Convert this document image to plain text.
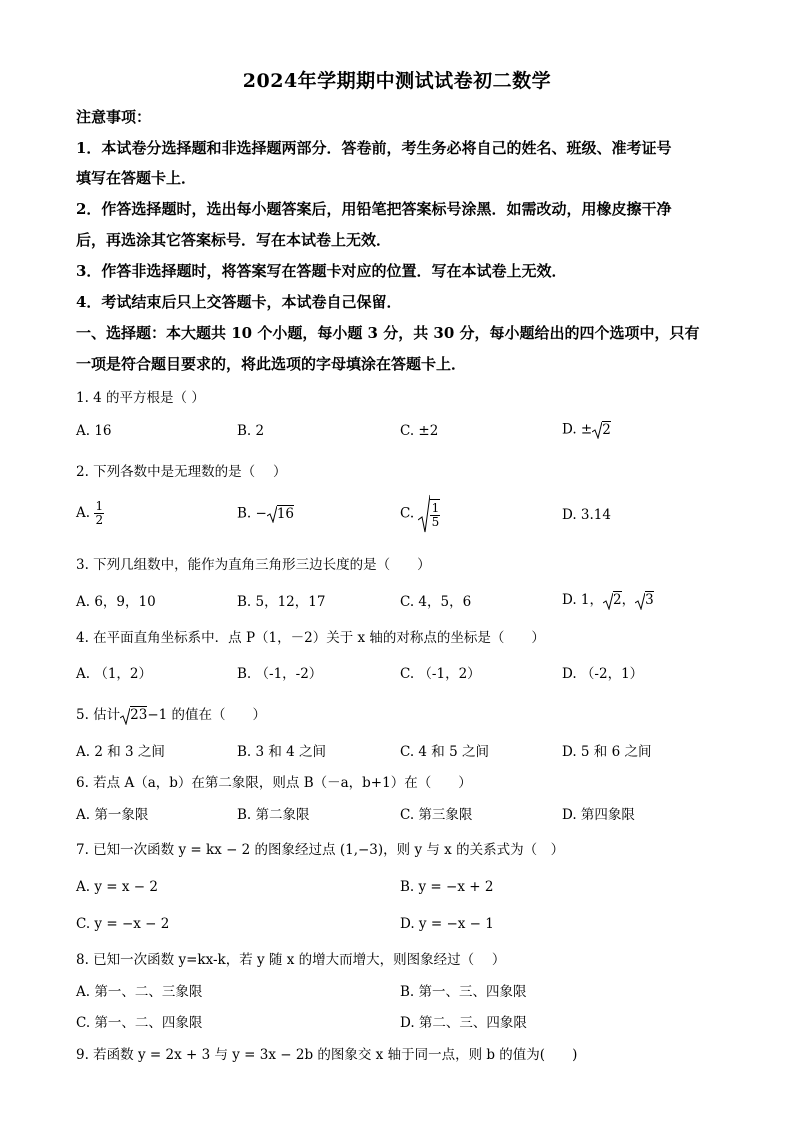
2024年学期期中测试试卷初二数学
注意事项：
1．本试卷分选择题和非选择题两部分．答卷前，考生务必将自己的姓名、班级、准考证号
填写在答题卡上．
2．作答选择题时，选出每小题答案后，用铅笔把答案标号涂黑．如需改动，用橡皮擦干净
后，再选涂其它答案标号．写在本试卷上无效．
3．作答非选择题时，将答案写在答题卡对应的位置．写在本试卷上无效．
4．考试结束后只上交答题卡，本试卷自己保留．
一、选择题：本大题共 10 个小题，每小题 3 分，共 30 分，每小题给出的四个选项中，只有
一项是符合题目要求的，将此选项的字母填涂在答题卡上．
1. 4 的平方根是（ ）
A. 16	B. 2	C. ±2	D. ± 2
2. 下列各数中是无理数的是（　 ）
A. $\frac{1}{2}$	B. − 16	C. $\frac{1}{5}$	D. 3.14
3. 下列几组数中，能作为直角三角形三边长度的是（　　）
A. 6，9，10	B. 5，12，17	C. 4，5，6	D. 1， 2， 3
4. 在平面直角坐标系中．点 P（1，－2）关于 x 轴的对称点的坐标是（　　）
A. （1，2）	B. （-1，-2）	C. （-1，2）	D. （-2，1）
5. 估计 23−1 的值在（　　）
A. 2 和 3 之间	B. 3 和 4 之间	C. 4 和 5 之间	D. 5 和 6 之间
6. 若点 A（a，b）在第二象限，则点 B（－a，b+1）在（　　）
A. 第一象限	B. 第二象限	C. 第三象限	D. 第四象限
7. 已知一次函数 y = kx − 2 的图象经过点 (1,−3)，则 y 与 x 的关系式为（　）
A. y = x − 2	B. y = −x + 2
C. y = −x − 2	D. y = −x − 1
8. 已知一次函数 y=kx-k，若 y 随 x 的增大而增大，则图象经过（　 ）
A. 第一、二、三象限	B. 第一、三、四象限
C. 第一、二、四象限	D. 第二、三、四象限
9. 若函数 y = 2x + 3 与 y = 3x − 2b 的图象交 x 轴于同一点，则 b 的值为(　　)
